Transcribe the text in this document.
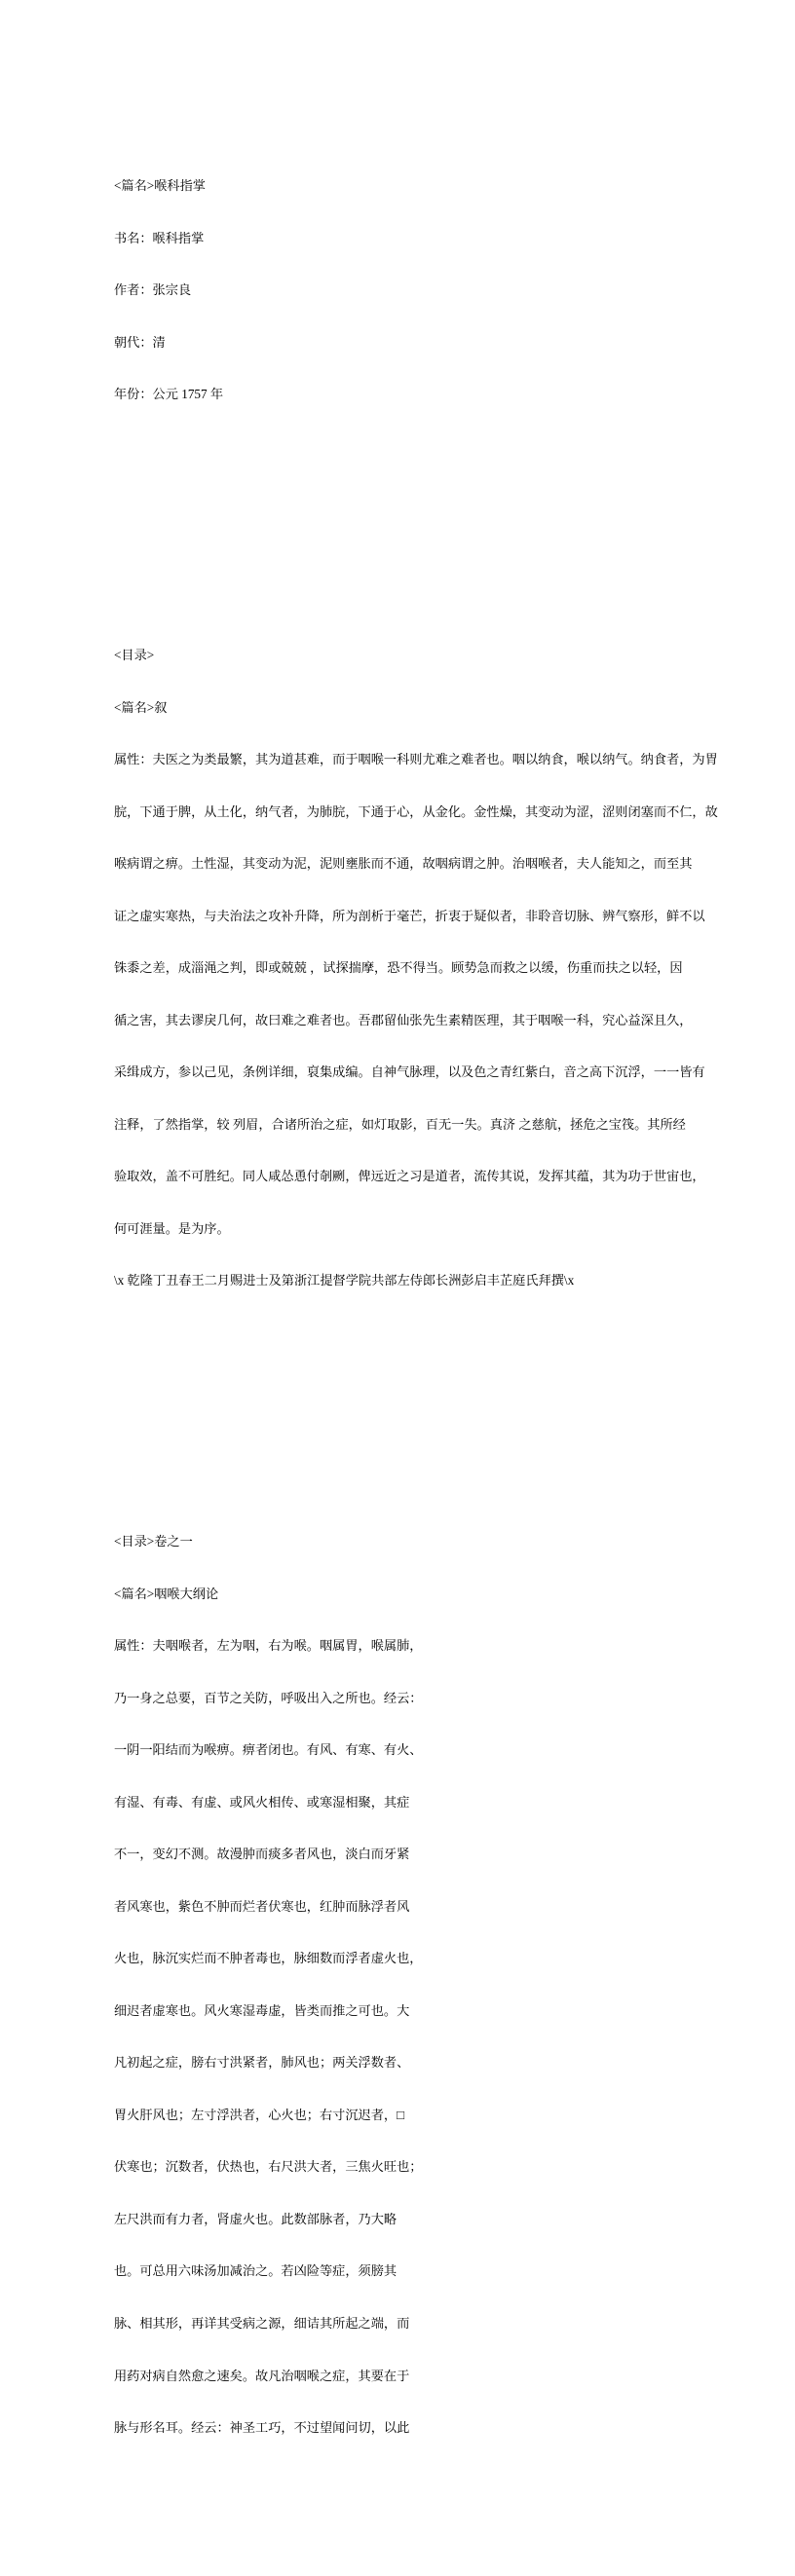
<篇名>喉科指掌

书名：喉科指掌

作者：张宗良

朝代：清

年份：公元 1757 年

<目录>

<篇名>叙

属性：夫医之为类最繁，其为道甚难，而于咽喉一科则尤难之难者也。咽以纳食，喉以纳气。纳食者，为胃

脘，下通于脾，从土化，纳气者，为肺脘，下通于心，从金化。金性燥，其变动为涩，涩则闭塞而不仁，故

喉病谓之痹。土性湿，其变动为泥，泥则壅胀而不通，故咽病谓之肿。治咽喉者，夫人能知之，而至其

证之虚实寒热，与夫治法之攻补升降，所为剖析于毫芒，折衷于疑似者，非聆音切脉、辨气察形，鲜不以

铢黍之差，成淄渑之判，即或兢兢 ，试探揣摩，恐不得当。顾势急而救之以缓，伤重而扶之以轻，因

循之害，其去谬戾几何，故曰难之难者也。吾郡留仙张先生素精医理，其于咽喉一科，究心益深且久，

采缉成方，参以己见，条例详细，裒集成编。自神气脉理，以及色之青红紫白，音之高下沉浮，一一皆有

注释，了然指掌，较 列眉，合诸所治之症，如灯取影，百无一失。真济 之慈航，拯危之宝筏。其所经

验取效，盖不可胜纪。同人咸怂恿付剞劂，俾远近之习是道者，流传其说，发挥其蕴，其为功于世宙也，

何可涯量。是为序。

\x 乾隆丁丑春王二月赐进士及第浙江提督学院共部左侍郎长洲彭启丰芷庭氏拜撰\x

<目录>卷之一

<篇名>咽喉大纲论

属性：夫咽喉者，左为咽，右为喉。咽属胃，喉属肺，

乃一身之总要，百节之关防，呼吸出入之所也。经云：

一阴一阳结而为喉痹。痹者闭也。有风、有寒、有火、

有湿、有毒、有虚、或风火相传、或寒湿相聚，其症

不一，变幻不测。故漫肿而痰多者风也，淡白而牙紧

者风寒也，紫色不肿而烂者伏寒也，红肿而脉浮者风

火也，脉沉实烂而不肿者毒也，脉细数而浮者虚火也，

细迟者虚寒也。风火寒湿毒虚，皆类而推之可也。大

凡初起之症，膀右寸洪紧者，肺风也；两关浮数者、

胃火肝风也；左寸浮洪者，心火也；右寸沉迟者，□

伏寒也；沉数者，伏热也，右尺洪大者，三焦火旺也；

左尺洪而有力者，肾虚火也。此数部脉者，乃大略

也。可总用六味汤加减治之。若凶险等症，须膀其

脉、相其形，再详其受病之源，细诘其所起之端，而

用药对病自然愈之速矣。故凡治咽喉之症，其要在于

脉与形名耳。经云：神圣工巧，不过望闻问切，以此
